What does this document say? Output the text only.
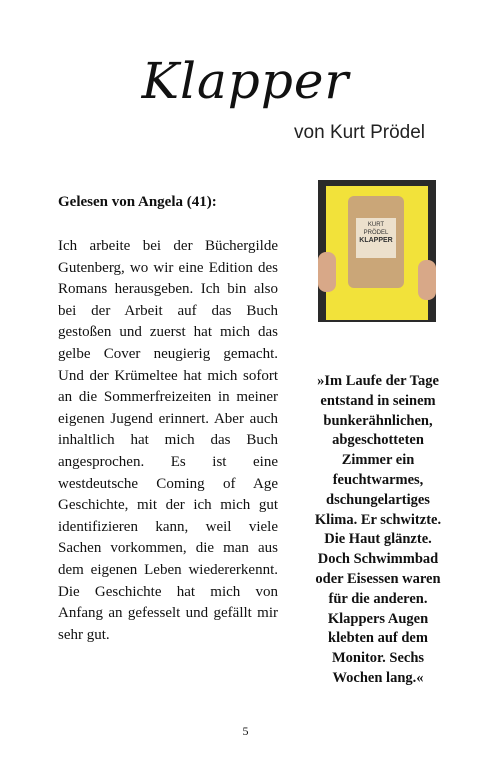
Klapper
von Kurt Prödel
Gelesen von Angela (41):
Ich arbeite bei der Büchergilde Gutenberg, wo wir eine Edition des Romans herausgeben. Ich bin also bei der Arbeit auf das Buch gestoßen und zuerst hat mich das gelbe Cover neugierig gemacht. Und der Krümeltee hat mich sofort an die Sommerfreizeiten in meiner eigenen Jugend erinnert. Aber auch inhaltlich hat mich das Buch angesprochen. Es ist eine westdeutsche Coming of Age Geschichte, mit der ich mich gut identifizieren kann, weil viele Sachen vorkommen, die man aus dem eigenen Leben wiedererkennt. Die Geschichte hat mich von Anfang an gefesselt und gefällt mir sehr gut.
KURT PRÖDEL
KLAPPER
»Im Laufe der Tage entstand in seinem bunkerähnlichen, abgeschotteten Zimmer ein feuchtwarmes, dschungelartiges Klima. Er schwitzte. Die Haut glänzte. Doch Schwimmbad oder Eisessen waren für die anderen. Klappers Augen klebten auf dem Monitor. Sechs Wochen lang.«
5
